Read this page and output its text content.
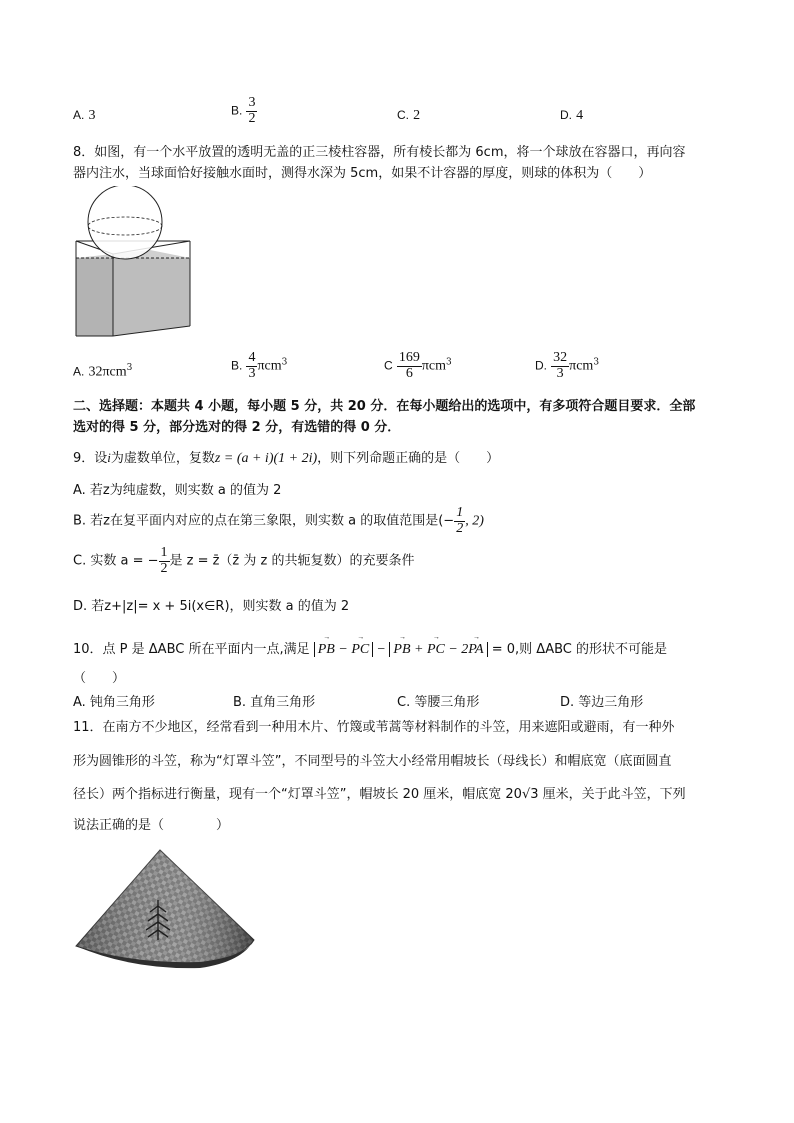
A. 3	B. $\frac{3}{2}$	C. 2	D. 4
8．如图，有一个水平放置的透明无盖的正三棱柱容器，所有棱长都为 6cm，将一个球放在容器口，再向容
器内注水，当球面恰好接触水面时，测得水深为 5cm，如果不计容器的厚度，则球的体积为（　　）
A. 32πcm$^3$	B. $\frac{4}{3} \pi cm^3$	C $\frac{169}{6} \pi cm^3$	D. $\frac{32}{3} \pi cm^3$
二、选择题：本题共 4 小题，每小题 5 分，共 20 分．在每小题给出的选项中，有多项符合题目要求．全部
选对的得 5 分，部分选对的得 2 分，有选错的得 0 分．
9．设i为虚数单位，复数z = (a + i)(1 + 2i)，则下列命题正确的是（　　）
A. 若z为纯虚数，则实数 a 的值为 2
B. 若z在复平面内对应的点在第三象限，则实数 a 的取值范围是(− $\frac{1}{2}$ , 2)
C. 实数 a = − $\frac{1}{2}$ 是 z = z̄（z̄ 为 z 的共轭复数）的充要条件
D. 若z+|z|= x + 5i(x∈R)，则实数 a 的值为 2
10．点 P 是 ΔABC 所在平面内一点,满足
→
PB −
→
PC −
→
PB +
→
PC − 2
→
PA = 0,则 ΔABC 的形状不可能是
（　　）
A. 钝角三角形	B. 直角三角形	C. 等腰三角形	D. 等边三角形
11．在南方不少地区，经常看到一种用木片、竹篾或苇蒿等材料制作的斗笠，用来遮阳或避雨，有一种外
形为圆锥形的斗笠，称为“灯罩斗笠”，不同型号的斗笠大小经常用帽坡长（母线长）和帽底宽（底面圆直
径长）两个指标进行衡量，现有一个“灯罩斗笠”，帽坡长 20 厘米，帽底宽 20√3 厘米，关于此斗笠，下列
说法正确的是（　　　　）
